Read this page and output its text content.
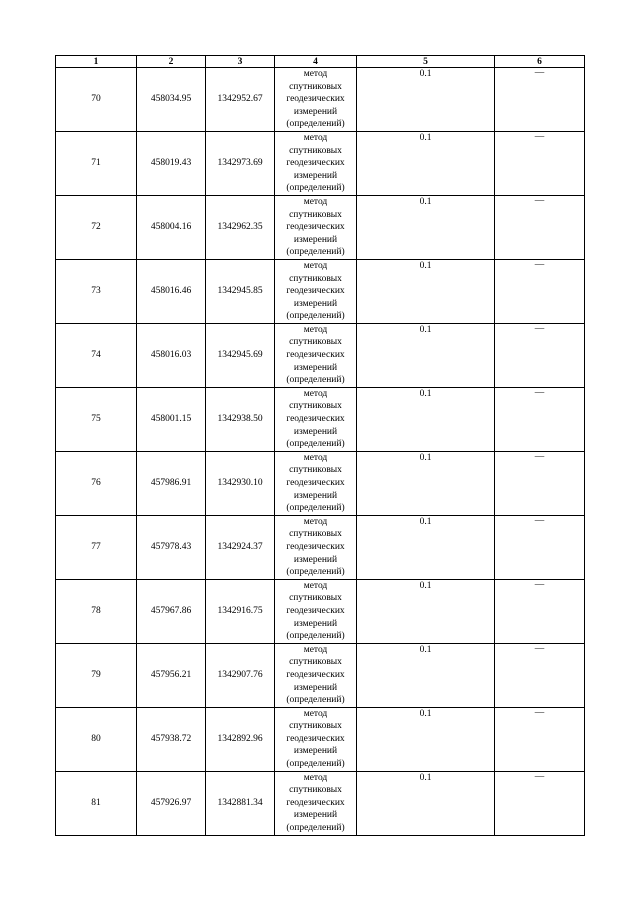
1	2	3	4	5	6
70	458034.95	1342952.67	метод
спутниковых
геодезических
измерений
(определений)	0.1	—
71	458019.43	1342973.69	метод
спутниковых
геодезических
измерений
(определений)	0.1	—
72	458004.16	1342962.35	метод
спутниковых
геодезических
измерений
(определений)	0.1	—
73	458016.46	1342945.85	метод
спутниковых
геодезических
измерений
(определений)	0.1	—
74	458016.03	1342945.69	метод
спутниковых
геодезических
измерений
(определений)	0.1	—
75	458001.15	1342938.50	метод
спутниковых
геодезических
измерений
(определений)	0.1	—
76	457986.91	1342930.10	метод
спутниковых
геодезических
измерений
(определений)	0.1	—
77	457978.43	1342924.37	метод
спутниковых
геодезических
измерений
(определений)	0.1	—
78	457967.86	1342916.75	метод
спутниковых
геодезических
измерений
(определений)	0.1	—
79	457956.21	1342907.76	метод
спутниковых
геодезических
измерений
(определений)	0.1	—
80	457938.72	1342892.96	метод
спутниковых
геодезических
измерений
(определений)	0.1	—
81	457926.97	1342881.34	метод
спутниковых
геодезических
измерений
(определений)	0.1	—
